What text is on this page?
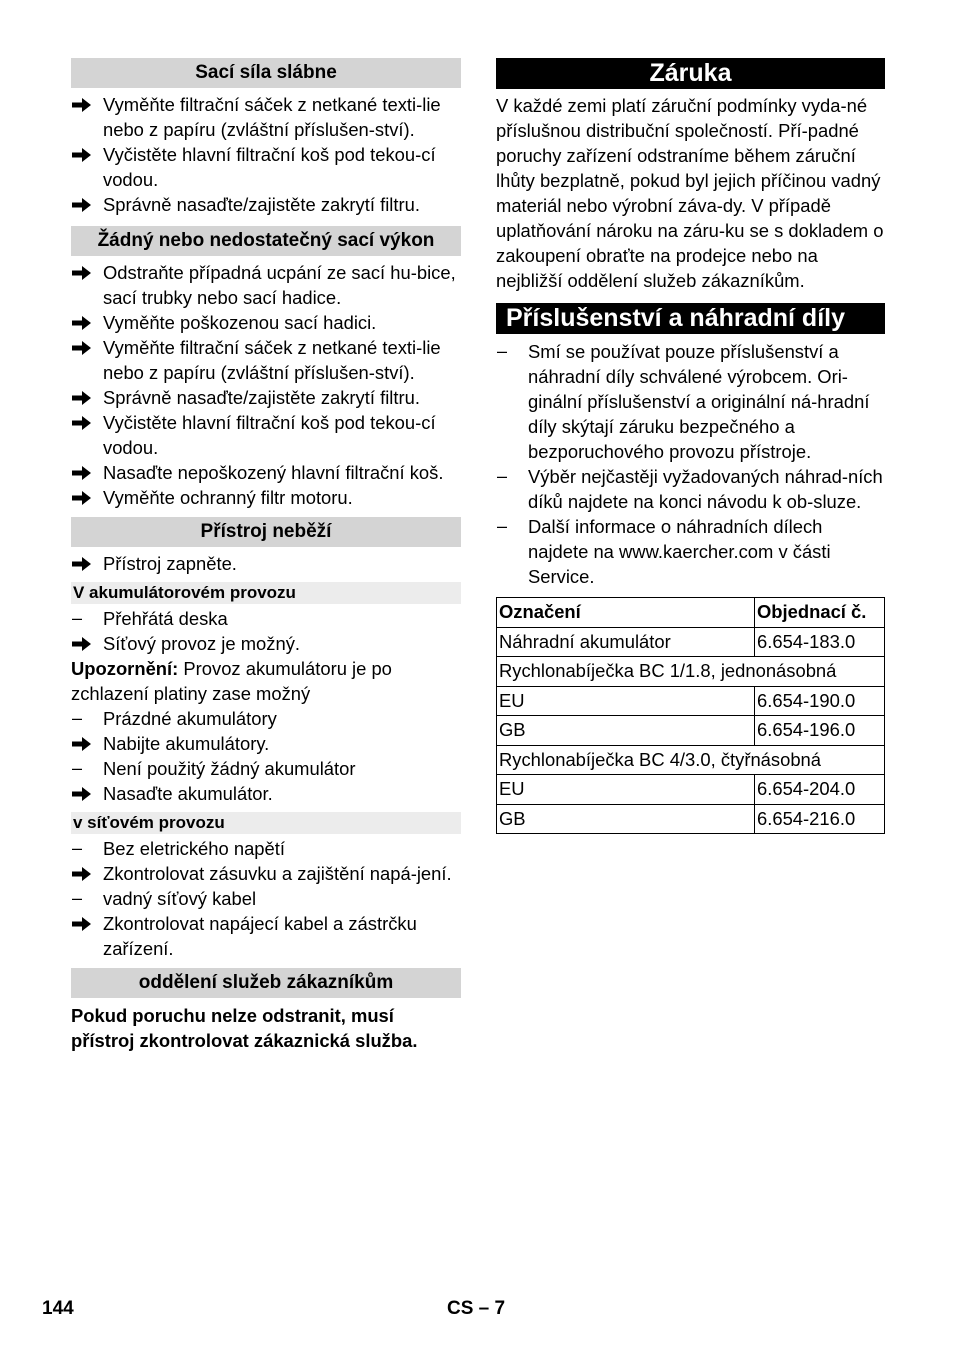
Sací síla slábne
Vyměňte filtrační sáček z netkané texti-lie nebo z papíru (zvláštní příslušen-ství).
Vyčistěte hlavní filtrační koš pod tekou-cí vodou.
Správně nasaďte/zajistěte zakrytí filtru.
Žádný nebo nedostatečný sací výkon
Odstraňte případná ucpání ze sací hu-bice, sací trubky nebo sací hadice.
Vyměňte poškozenou sací hadici.
Vyměňte filtrační sáček z netkané texti-lie nebo z papíru (zvláštní příslušen-ství).
Správně nasaďte/zajistěte zakrytí filtru.
Vyčistěte hlavní filtrační koš pod tekou-cí vodou.
Nasaďte nepoškozený hlavní filtrační koš.
Vyměňte ochranný filtr motoru.
Přístroj neběží
Přístroj zapněte.
V akumulátorovém provozu
–	Přehřátá deska
Síťový provoz je možný.
Upozornění: Provoz akumulátoru je po zchlazení platiny zase možný
–	Prázdné akumulátory
Nabijte akumulátory.
–	Není použitý žádný akumulátor
Nasaďte akumulátor.
v síťovém provozu
–	Bez eletrického napětí
Zkontrolovat zásuvku a zajištění napá-jení.
–	vadný síťový kabel
Zkontrolovat napájecí kabel a zástrčku zařízení.
oddělení služeb zákazníkům
Pokud poruchu nelze odstranit, musí přístroj zkontrolovat zákaznická služba.
Záruka
V každé zemi platí záruční podmínky vyda-né příslušnou distribuční společností. Pří-padné poruchy zařízení odstraníme během záruční lhůty bezplatně, pokud byl jejich příčinou vadný materiál nebo výrobní záva-dy. V případě uplatňování nároku na záru-ku se s dokladem o zakoupení obraťte na prodejce nebo na nejbližší oddělení služeb zákazníkům.
Příslušenství a náhradní díly
–	Smí se používat pouze příslušenství a náhradní díly schválené výrobcem. Ori-ginální příslušenství a originální ná-hradní díly skýtají záruku bezpečného a bezporuchového provozu přístroje.
–	Výběr nejčastěji vyžadovaných náhrad-ních díků najdete na konci návodu k ob-sluze.
–	Další informace o náhradních dílech najdete na www.kaercher.com v části Service.
Označení	Objednací č.
Náhradní akumulátor	6.654-183.0
Rychlonabíječka BC 1/1.8, jednonásobná	
EU	6.654-190.0
GB	6.654-196.0
Rychlonabíječka BC 4/3.0, čtyřnásobná	
EU	6.654-204.0
GB	6.654-216.0
144	CS – 7
